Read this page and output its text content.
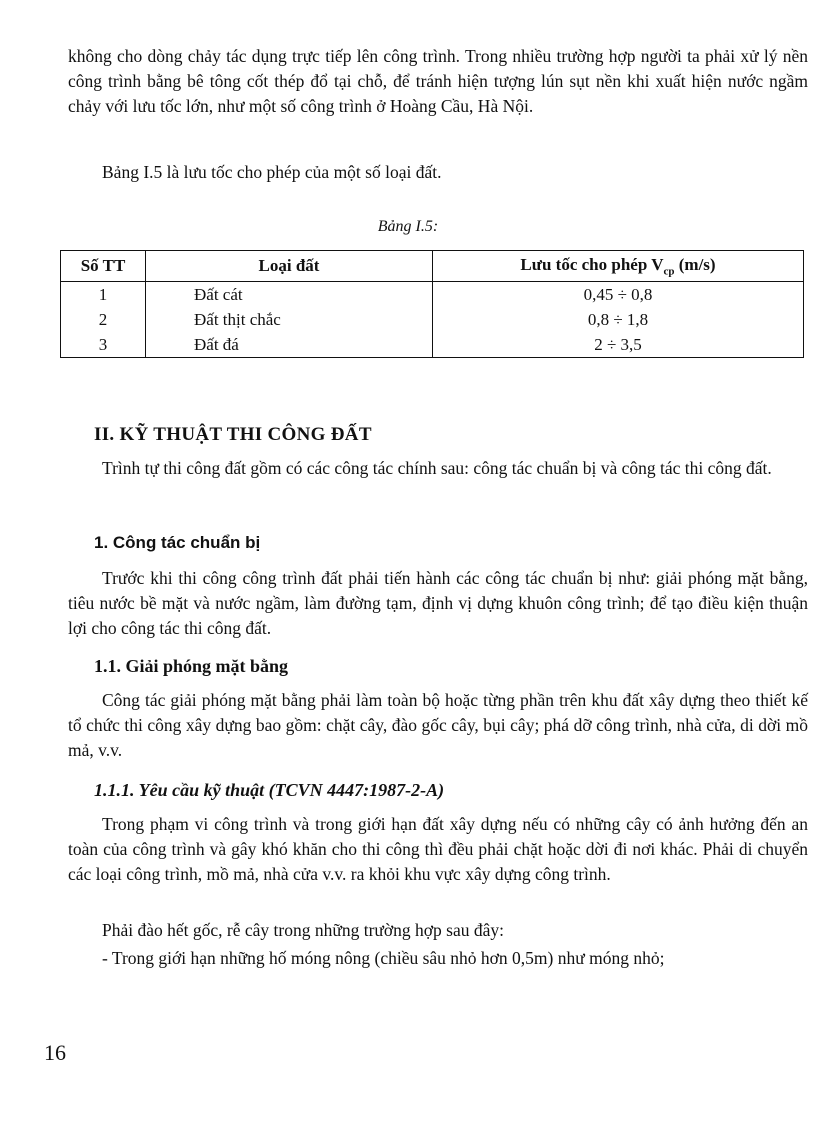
không cho dòng chảy tác dụng trực tiếp lên công trình. Trong nhiều trường hợp người ta phải xử lý nền công trình bằng bê tông cốt thép đổ tại chỗ, để tránh hiện tượng lún sụt nền khi xuất hiện nước ngầm chảy với lưu tốc lớn, như một số công trình ở Hoàng Cầu, Hà Nội.

Bảng I.5 là lưu tốc cho phép của một số loại đất.

Bảng I.5:
Số TT	Loại đất	Lưu tốc cho phép $V_{cp}$ (m/s)
1	Đất cát	0,45 ÷ 0,8
2	Đất thịt chắc	0,8 ÷ 1,8
3	Đất đá	2 ÷ 3,5
II. KỸ THUẬT THI CÔNG ĐẤT

Trình tự thi công đất gồm có các công tác chính sau: công tác chuẩn bị và công tác thi công đất.

1. Công tác chuẩn bị

Trước khi thi công công trình đất phải tiến hành các công tác chuẩn bị như: giải phóng mặt bằng, tiêu nước bề mặt và nước ngầm, làm đường tạm, định vị dựng khuôn công trình; để tạo điều kiện thuận lợi cho công tác thi công đất.

1.1. Giải phóng mặt bằng

Công tác giải phóng mặt bằng phải làm toàn bộ hoặc từng phần trên khu đất xây dựng theo thiết kế tổ chức thi công xây dựng bao gồm: chặt cây, đào gốc cây, bụi cây; phá dỡ công trình, nhà cửa, di dời mồ mả, v.v.

1.1.1. Yêu cầu kỹ thuật (TCVN 4447:1987-2-A)

Trong phạm vi công trình và trong giới hạn đất xây dựng nếu có những cây có ảnh hưởng đến an toàn của công trình và gây khó khăn cho thi công thì đều phải chặt hoặc dời đi nơi khác. Phải di chuyển các loại công trình, mồ mả, nhà cửa v.v. ra khỏi khu vực xây dựng công trình.

Phải đào hết gốc, rễ cây trong những trường hợp sau đây:

- Trong giới hạn những hố móng nông (chiều sâu nhỏ hơn 0,5m) như móng nhỏ;

16
